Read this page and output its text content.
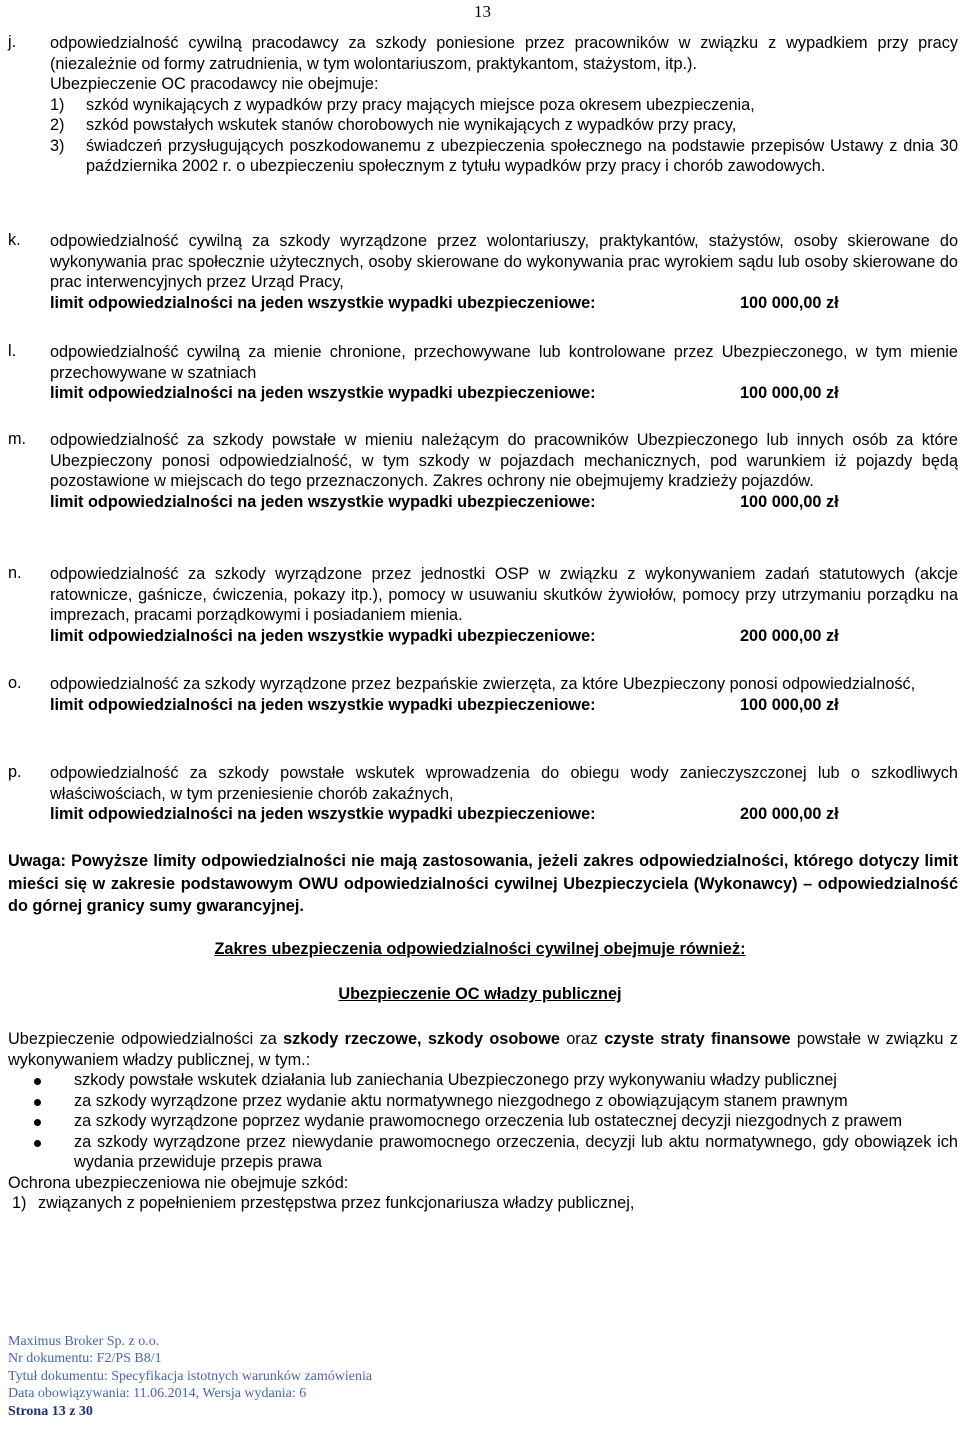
13
j. odpowiedzialność cywilną pracodawcy za szkody poniesione przez pracowników w związku z wypadkiem przy pracy (niezależnie od formy zatrudnienia, w tym wolontariuszom, praktykantom, stażystom, itp.).

Ubezpieczenie OC pracodawcy nie obejmuje:

1) szkód wynikających z wypadków przy pracy mających miejsce poza okresem ubezpieczenia,
2) szkód powstałych wskutek stanów chorobowych nie wynikających z wypadków przy pracy,
3) świadczeń przysługujących poszkodowanemu z ubezpieczenia społecznego na podstawie przepisów Ustawy z dnia 30 października 2002 r. o ubezpieczeniu społecznym z tytułu wypadków przy pracy i chorób zawodowych.
k. odpowiedzialność cywilną za szkody wyrządzone przez wolontariuszy, praktykantów, stażystów, osoby skierowane do wykonywania prac społecznie użytecznych, osoby skierowane do wykonywania prac wyrokiem sądu lub osoby skierowane do prac interwencyjnych przez Urząd Pracy,

limit odpowiedzialności na jeden wszystkie wypadki ubezpieczeniowe:	100 000,00 zł
l. odpowiedzialność cywilną za mienie chronione, przechowywane lub kontrolowane przez Ubezpieczonego, w tym mienie przechowywane w szatniach

limit odpowiedzialności na jeden wszystkie wypadki ubezpieczeniowe:	100 000,00 zł
m. odpowiedzialność za szkody powstałe w mieniu należącym do pracowników Ubezpieczonego lub innych osób za które Ubezpieczony ponosi odpowiedzialność, w tym szkody w pojazdach mechanicznych, pod warunkiem iż pojazdy będą pozostawione w miejscach do tego przeznaczonych. Zakres ochrony nie obejmujemy kradzieży pojazdów.

limit odpowiedzialności na jeden wszystkie wypadki ubezpieczeniowe:	100 000,00 zł
n. odpowiedzialność za szkody wyrządzone przez jednostki OSP w związku z wykonywaniem zadań statutowych (akcje ratownicze, gaśnicze, ćwiczenia, pokazy itp.), pomocy w usuwaniu skutków żywiołów, pomocy przy utrzymaniu porządku na imprezach, pracami porządkowymi i posiadaniem mienia.

limit odpowiedzialności na jeden wszystkie wypadki ubezpieczeniowe:	200 000,00 zł
o. odpowiedzialność za szkody wyrządzone przez bezpańskie zwierzęta, za które Ubezpieczony ponosi odpowiedzialność,

limit odpowiedzialności na jeden wszystkie wypadki ubezpieczeniowe:	100 000,00 zł
p. odpowiedzialność za szkody powstałe wskutek wprowadzenia do obiegu wody zanieczyszczonej lub o szkodliwych właściwościach, w tym przeniesienie chorób zakaźnych,

limit odpowiedzialności na jeden wszystkie wypadki ubezpieczeniowe:	200 000,00 zł
Uwaga: Powyższe limity odpowiedzialności nie mają zastosowania, jeżeli zakres odpowiedzialności, którego dotyczy limit mieści się w zakresie podstawowym OWU odpowiedzialności cywilnej Ubezpieczyciela (Wykonawcy) – odpowiedzialność do górnej granicy sumy gwarancyjnej.
Zakres ubezpieczenia odpowiedzialności cywilnej obejmuje również:
Ubezpieczenie OC władzy publicznej

Ubezpieczenie odpowiedzialności za szkody rzeczowe, szkody osobowe oraz czyste straty finansowe powstałe w związku z wykonywaniem władzy publicznej, w tym.:

szkody powstałe wskutek działania lub zaniechania Ubezpieczonego przy wykonywaniu władzy publicznej
za szkody wyrządzone przez wydanie aktu normatywnego niezgodnego z obowiązującym stanem prawnym
za szkody wyrządzone poprzez wydanie prawomocnego orzeczenia lub ostatecznej decyzji niezgodnych z prawem
za szkody wyrządzone przez niewydanie prawomocnego orzeczenia, decyzji lub aktu normatywnego, gdy obowiązek ich wydania przewiduje przepis prawa

Ochrona ubezpieczeniowa nie obejmuje szkód:

1) związanych z popełnieniem przestępstwa przez funkcjonariusza władzy publicznej,
Maximus Broker Sp. z o.o.
Nr dokumentu: F2/PS B8/1
Tytuł dokumentu: Specyfikacja istotnych warunków zamówienia
Data obowiązywania: 11.06.2014, Wersja wydania: 6
Strona 13 z 30
